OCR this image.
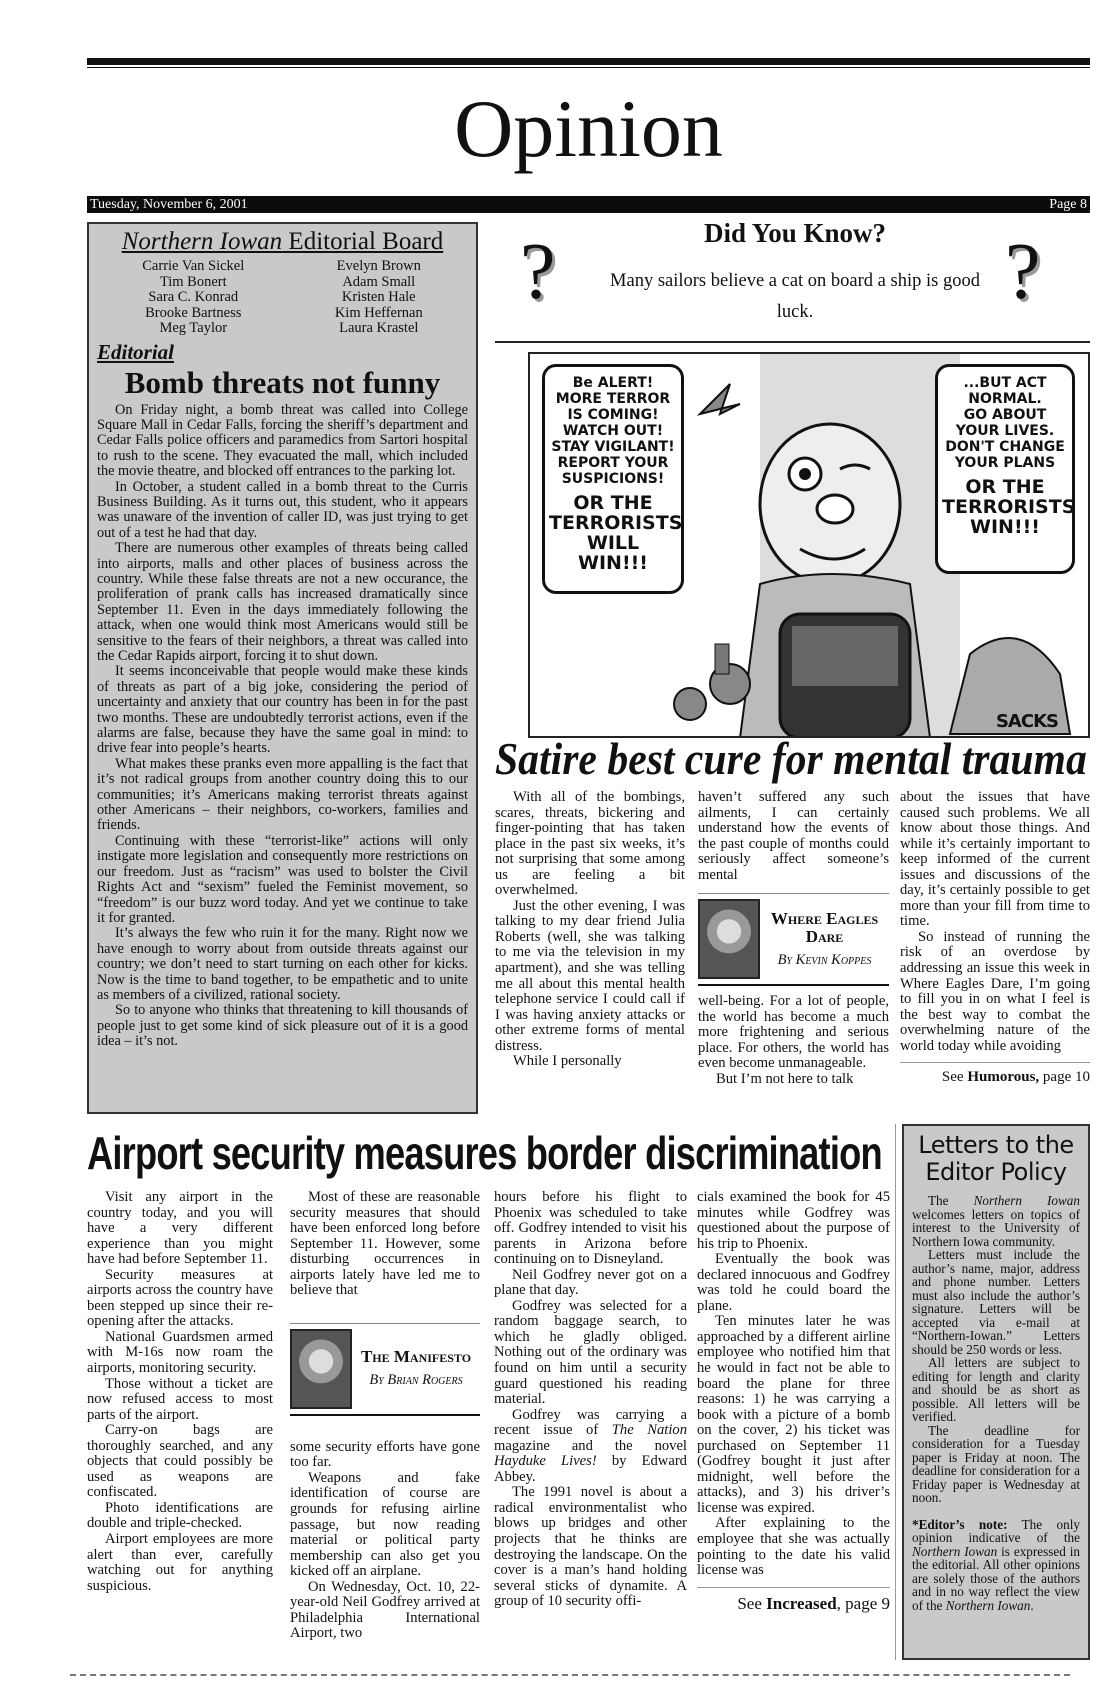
Opinion
Tuesday, November 6, 2001	Page 8
Northern Iowan Editorial Board
Carrie Van Sickel
Tim Bonert
Sara C. Konrad
Brooke Bartness
Meg Taylor
Evelyn Brown
Adam Small
Kristen Hale
Kim Heffernan
Laura Krastel
Editorial
Bomb threats not funny

On Friday night, a bomb threat was called into College Square Mall in Cedar Falls, forcing the sheriff’s department and Cedar Falls police officers and paramedics from Sartori hospital to rush to the scene. They evacuated the mall, which included the movie theatre, and blocked off entrances to the parking lot.

In October, a student called in a bomb threat to the Curris Business Building. As it turns out, this student, who it appears was unaware of the invention of caller ID, was just trying to get out of a test he had that day.

There are numerous other examples of threats being called into airports, malls and other places of business across the country. While these false threats are not a new occurance, the proliferation of prank calls has increased dramatically since September 11. Even in the days immediately following the attack, when one would think most Americans would still be sensitive to the fears of their neighbors, a threat was called into the Cedar Rapids airport, forcing it to shut down.

It seems inconceivable that people would make these kinds of threats as part of a big joke, considering the period of uncertainty and anxiety that our country has been in for the past two months. These are undoubtedly terrorist actions, even if the alarms are false, because they have the same goal in mind: to drive fear into people’s hearts.

What makes these pranks even more appalling is the fact that it’s not radical groups from another country doing this to our communities; it’s Americans making terrorist threats against other Americans – their neighbors, co-workers, families and friends.

Continuing with these “terrorist-like” actions will only instigate more legislation and consequently more restrictions on our freedom. Just as “racism” was used to bolster the Civil Rights Act and “sexism” fueled the Feminist movement, so “freedom” is our buzz word today. And yet we continue to take it for granted.

It’s always the few who ruin it for the many. Right now we have enough to worry about from outside threats against our country; we don’t need to start turning on each other for kicks. Now is the time to band together, to be empathetic and to unite as members of a civilized, rational society.

So to anyone who thinks that threatening to kill thousands of people just to get some kind of sick pleasure out of it is a good idea – it’s not.

?	?
Did You Know?
Many sailors believe a cat on board a ship is good luck.
Be ALERT!
MORE TERROR IS COMING!
WATCH OUT!
STAY VIGILANT!
REPORT YOUR SUSPICIONS!
OR THE TERRORISTS WILL WIN!!!
...BUT ACT NORMAL.
GO ABOUT YOUR LIVES.
DON'T CHANGE YOUR PLANS
OR THE TERRORISTS WIN!!!
SACKS
Satire best cure for mental trauma

With all of the bombings, scares, threats, bickering and finger-pointing that has taken place in the past six weeks, it’s not surprising that some among us are feeling a bit overwhelmed.

Just the other evening, I was talking to my dear friend Julia Roberts (well, she was talking to me via the television in my apartment), and she was telling me all about this mental health telephone service I could call if I was having anxiety attacks or other extreme forms of mental distress.

While I personally

haven’t suffered any such ailments, I can certainly understand how the events of the past couple of months could seriously affect someone’s mental

Where Eagles Dare
By Kevin Koppes

well-being. For a lot of people, the world has become a much more frightening and serious place. For others, the world has even become unmanageable.

But I’m not here to talk

about the issues that have caused such problems. We all know about those things. And while it’s certainly important to keep informed of the current issues and discussions of the day, it’s certainly possible to get more than your fill from time to time.

So instead of running the risk of an overdose by addressing an issue this week in Where Eagles Dare, I’m going to fill you in on what I feel is the best way to combat the overwhelming nature of the world today while avoiding

See Humorous, page 10
Airport security measures border discrimination

Visit any airport in the country today, and you will have a very different experience than you might have had before September 11.

Security measures at airports across the country have been stepped up since their re-opening after the attacks.

National Guardsmen armed with M-16s now roam the airports, monitoring security.

Those without a ticket are now refused access to most parts of the airport.

Carry-on bags are thoroughly searched, and any objects that could possibly be used as weapons are confiscated.

Photo identifications are double and triple-checked.

Airport employees are more alert than ever, carefully watching out for anything suspicious.

Most of these are reasonable security measures that should have been enforced long before September 11. However, some disturbing occurrences in airports lately have led me to believe that

The Manifesto
By Brian Rogers

some security efforts have gone too far.

Weapons and fake identification of course are grounds for refusing airline passage, but now reading material or political party membership can also get you kicked off an airplane.

On Wednesday, Oct. 10, 22-year-old Neil Godfrey arrived at Philadelphia International Airport, two

hours before his flight to Phoenix was scheduled to take off. Godfrey intended to visit his parents in Arizona before continuing on to Disneyland.

Neil Godfrey never got on a plane that day.

Godfrey was selected for a random baggage search, to which he gladly obliged. Nothing out of the ordinary was found on him until a security guard questioned his reading material.

Godfrey was carrying a recent issue of The Nation magazine and the novel Hayduke Lives! by Edward Abbey.

The 1991 novel is about a radical environmentalist who blows up bridges and other projects that he thinks are destroying the landscape. On the cover is a man’s hand holding several sticks of dynamite. A group of 10 security offi-

cials examined the book for 45 minutes while Godfrey was questioned about the purpose of his trip to Phoenix.

Eventually the book was declared innocuous and Godfrey was told he could board the plane.

Ten minutes later he was approached by a different airline employee who notified him that he would in fact not be able to board the plane for three reasons: 1) he was carrying a book with a picture of a bomb on the cover, 2) his ticket was purchased on September 11 (Godfrey bought it just after midnight, well before the attacks), and 3) his driver’s license was expired.

After explaining to the employee that she was actually pointing to the date his valid license was

See Increased, page 9
Letters to the Editor Policy

The Northern Iowan welcomes letters on topics of interest to the University of Northern Iowa community.

Letters must include the author’s name, major, address and phone number. Letters must also include the author’s signature. Letters will be accepted via e-mail at “Northern-Iowan.” Letters should be 250 words or less.

All letters are subject to editing for length and clarity and should be as short as possible. All letters will be verified.

The deadline for consideration for a Tuesday paper is Friday at noon. The deadline for consideration for a Friday paper is Wednesday at noon.

*Editor’s note: The only opinion indicative of the Northern Iowan is expressed in the editorial. All other opinions are solely those of the authors and in no way reflect the view of the Northern Iowan.
